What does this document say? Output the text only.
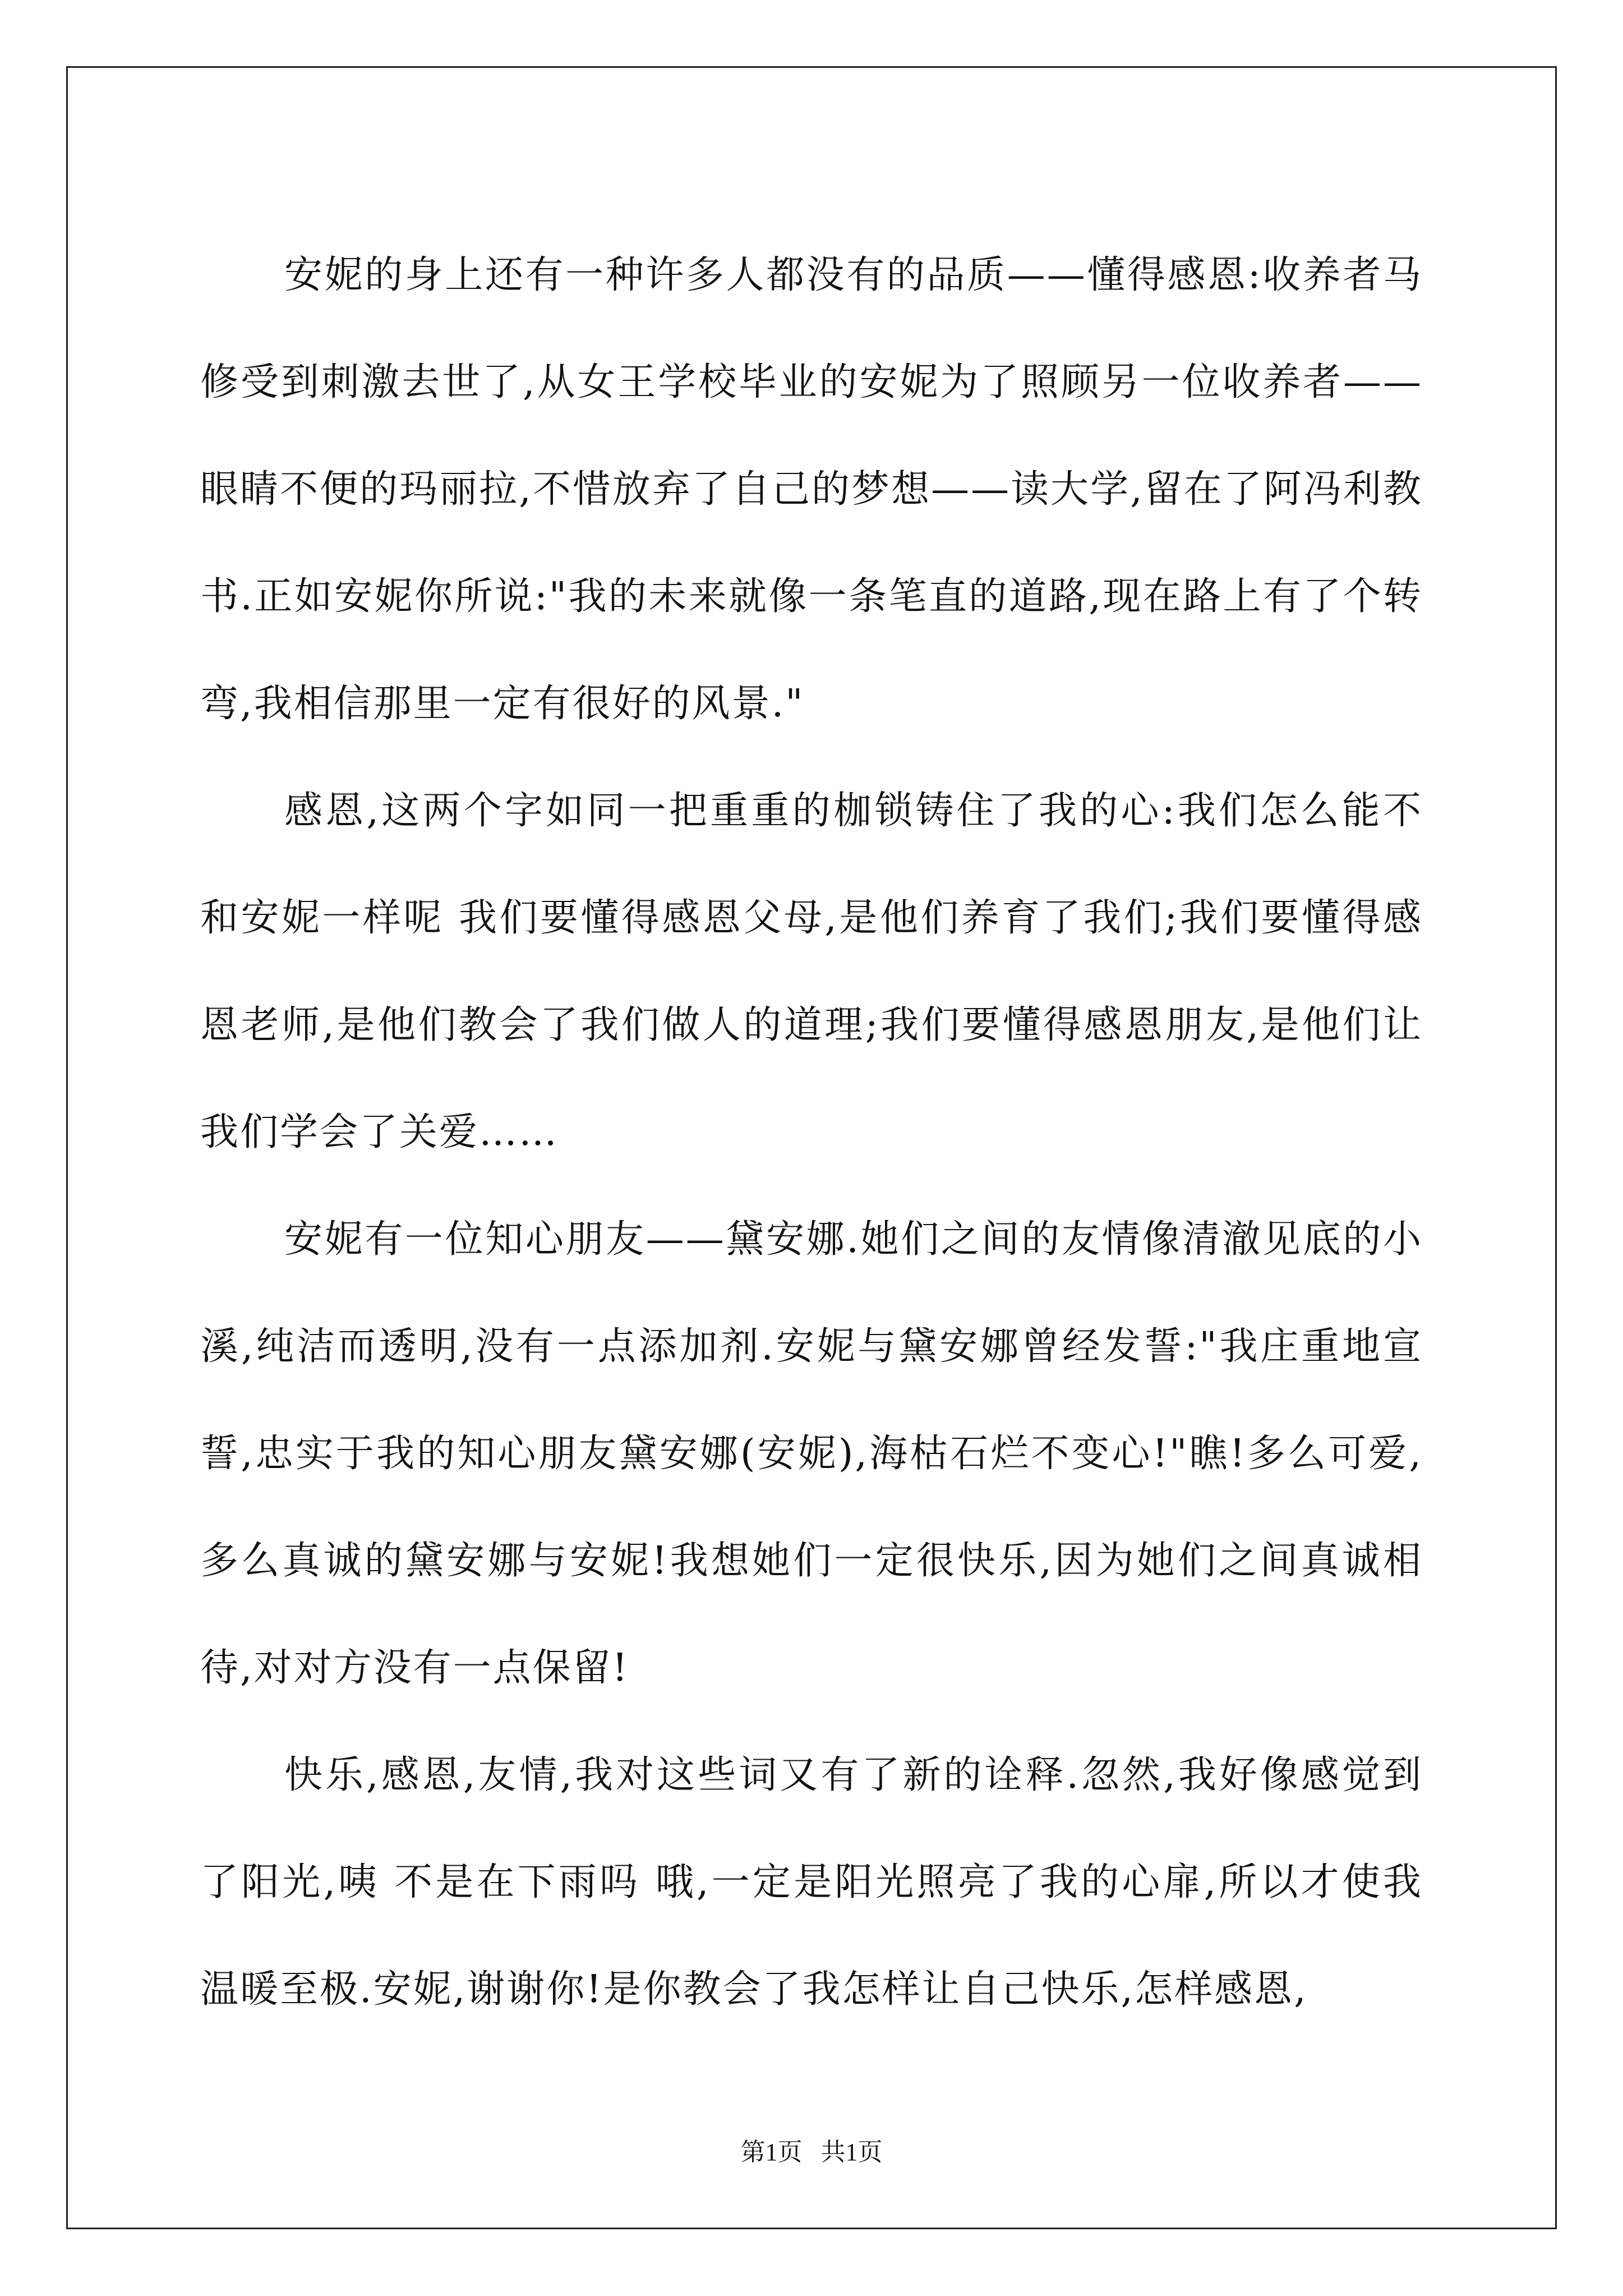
安妮的身上还有一种许多人都没有的品质——懂得感恩:收养者马修受到刺激去世了,从女王学校毕业的安妮为了照顾另一位收养者——眼睛不便的玛丽拉,不惜放弃了自己的梦想——读大学,留在了阿冯利教书.正如安妮你所说:"我的未来就像一条笔直的道路,现在路上有了个转弯,我相信那里一定有很好的风景."

感恩,这两个字如同一把重重的枷锁铸住了我的心:我们怎么能不和安妮一样呢 我们要懂得感恩父母,是他们养育了我们;我们要懂得感恩老师,是他们教会了我们做人的道理;我们要懂得感恩朋友,是他们让我们学会了关爱……

安妮有一位知心朋友——黛安娜.她们之间的友情像清澈见底的小溪,纯洁而透明,没有一点添加剂.安妮与黛安娜曾经发誓:"我庄重地宣誓,忠实于我的知心朋友黛安娜(安妮),海枯石烂不变心!"瞧!多么可爱,多么真诚的黛安娜与安妮!我想她们一定很快乐,因为她们之间真诚相待,对对方没有一点保留!

快乐,感恩,友情,我对这些词又有了新的诠释.忽然,我好像感觉到了阳光,咦 不是在下雨吗 哦,一定是阳光照亮了我的心扉,所以才使我温暖至极.安妮,谢谢你!是你教会了我怎样让自己快乐,怎样感恩,

第1页   共1页
